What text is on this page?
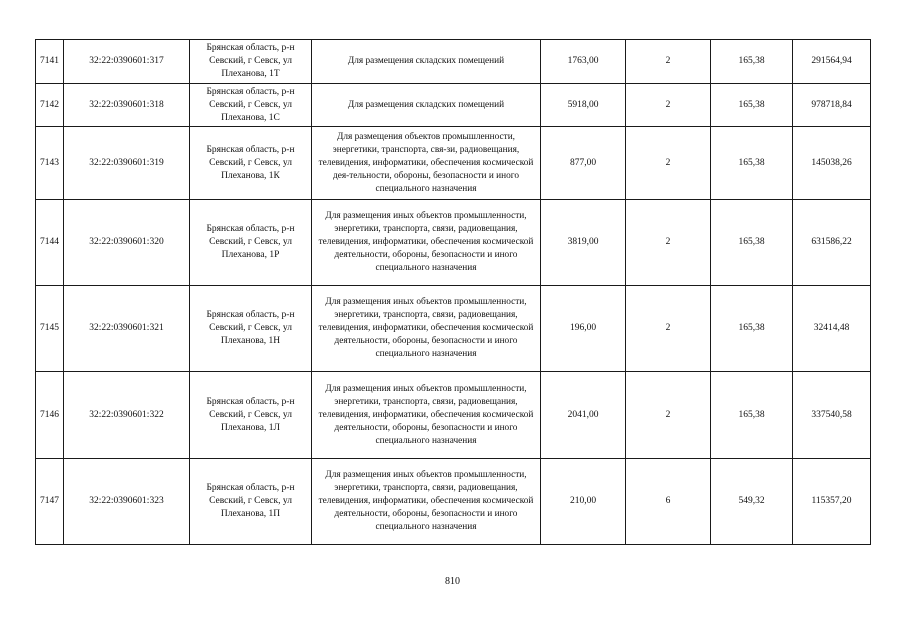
7141	32:22:0390601:317	Брянская область, р-н Севский, г Севск, ул Плеханова, 1Т	Для размещения складских помещений	1763,00	2	165,38	291564,94
7142	32:22:0390601:318	Брянская область, р-н Севский, г Севск, ул Плеханова, 1С	Для размещения складских помещений	5918,00	2	165,38	978718,84
7143	32:22:0390601:319	Брянская область, р-н Севский, г Севск, ул Плеханова, 1К	Для размещения объектов промышленности, энергетики, транспорта, свя-зи, радиовещания, телевидения, информатики, обеспечения космической дея-тельности, обороны, безопасности и иного специального назначения	877,00	2	165,38	145038,26
7144	32:22:0390601:320	Брянская область, р-н Севский, г Севск, ул Плеханова, 1Р	Для размещения иных объектов промышленности, энергетики, транспорта, связи, радиовещания, телевидения, информатики, обеспечения космической деятельности, обороны, безопасности и иного специального назначения	3819,00	2	165,38	631586,22
7145	32:22:0390601:321	Брянская область, р-н Севский, г Севск, ул Плеханова, 1Н	Для размещения иных объектов промышленности, энергетики, транспорта, связи, радиовещания, телевидения, информатики, обеспечения космической деятельности, обороны, безопасности и иного специального назначения	196,00	2	165,38	32414,48
7146	32:22:0390601:322	Брянская область, р-н Севский, г Севск, ул Плеханова, 1Л	Для размещения иных объектов промышленности, энергетики, транспорта, связи, радиовещания, телевидения, информатики, обеспечения космической деятельности, обороны, безопасности и иного специального назначения	2041,00	2	165,38	337540,58
7147	32:22:0390601:323	Брянская область, р-н Севский, г Севск, ул Плеханова, 1П	Для размещения иных объектов промышленности, энергетики, транспорта, связи, радиовещания, телевидения, информатики, обеспечения космической деятельности, обороны, безопасности и иного специального назначения	210,00	6	549,32	115357,20
810
